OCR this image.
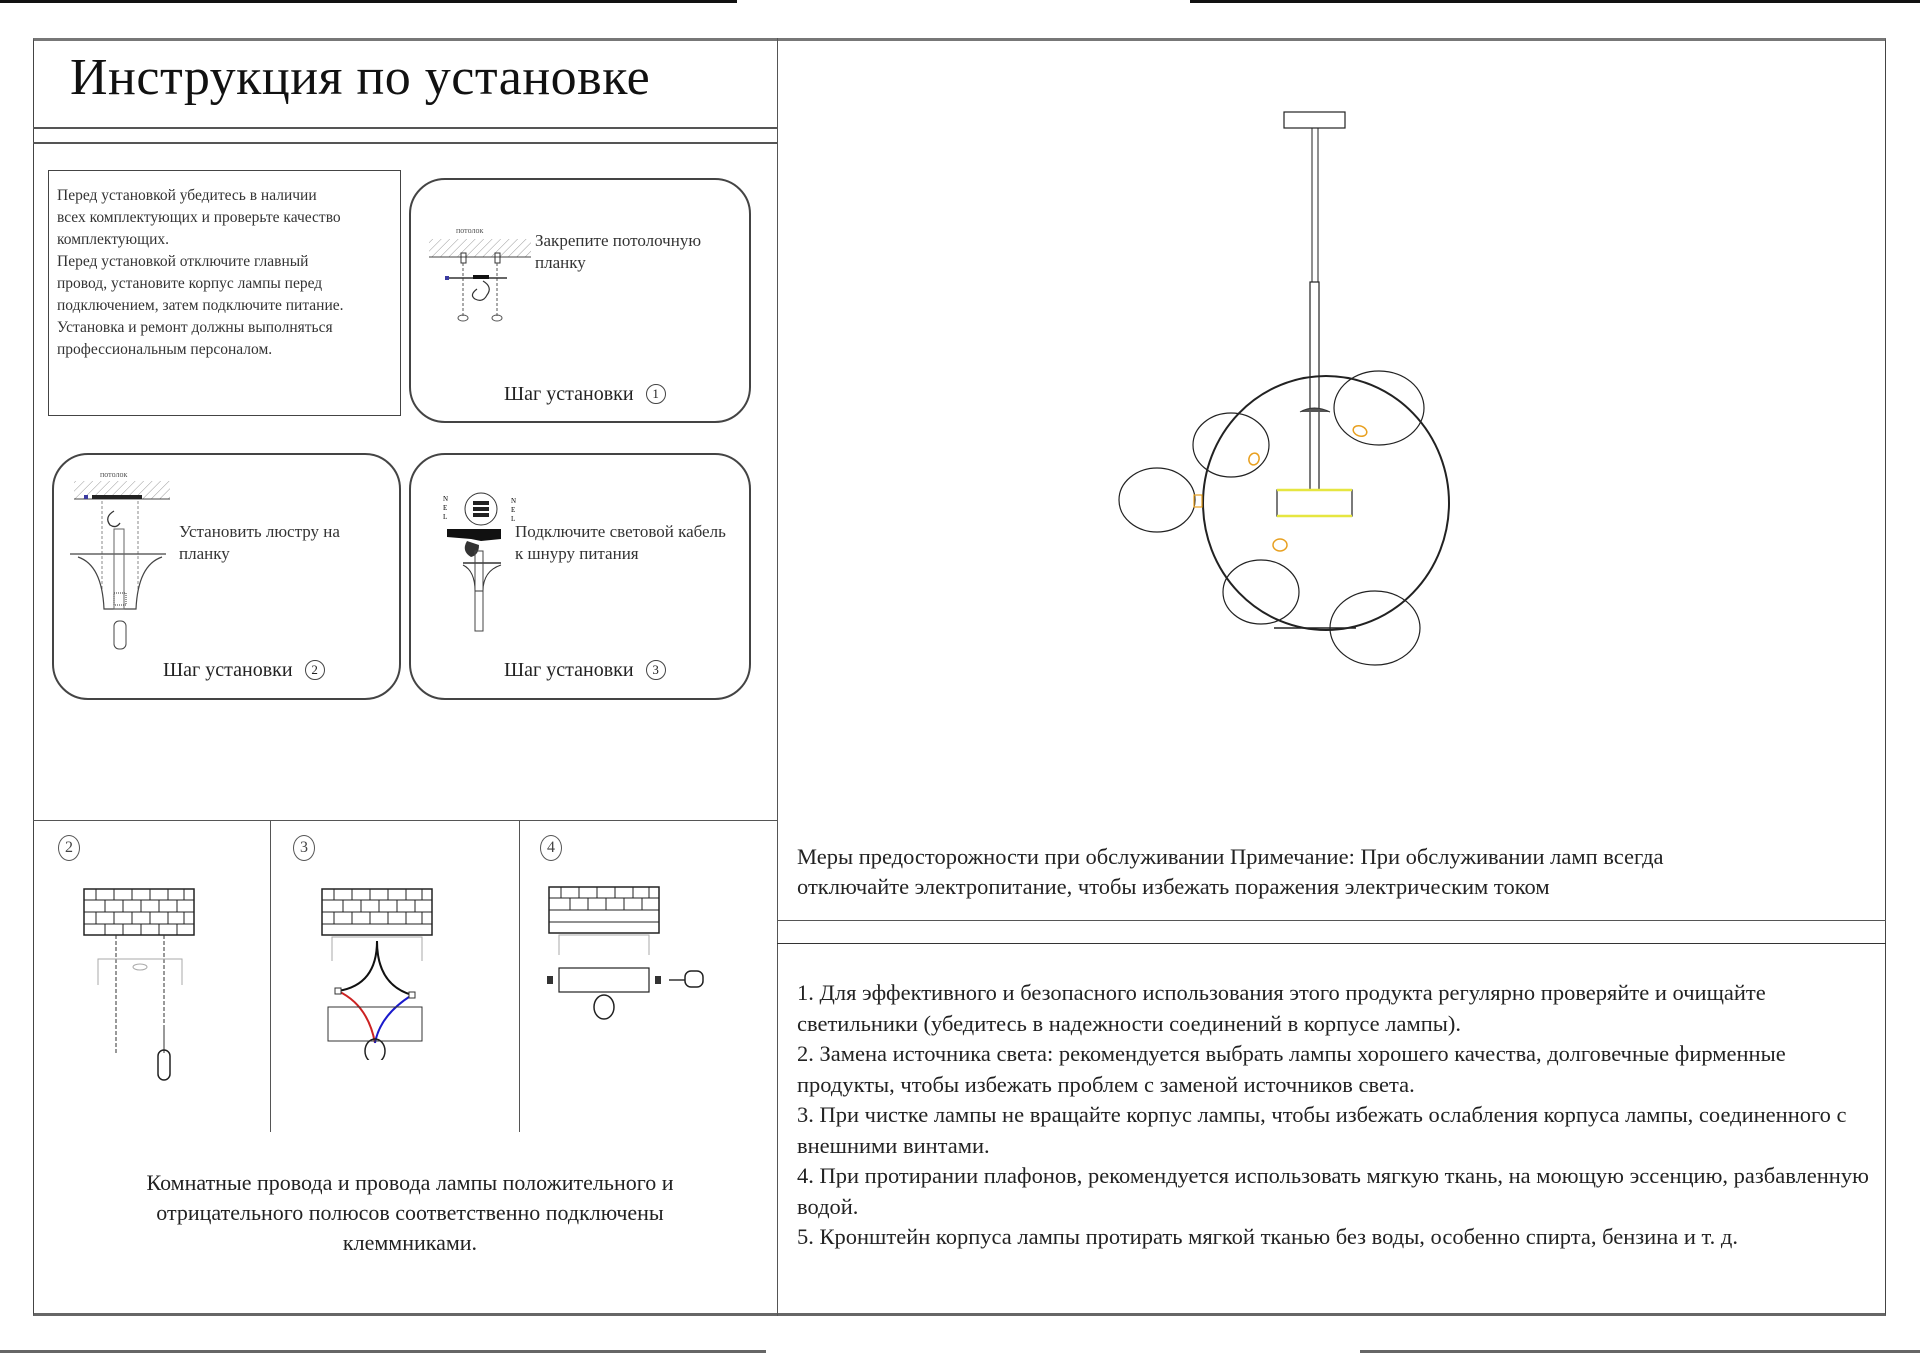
Инструкция по установке
Перед установкой убедитесь в наличии
всех комплектующих и проверьте качество
комплектующих.
Перед установкой отключите главный
провод, установите корпус лампы перед
подключением, затем подключите питание.
Установка и ремонт должны выполняться
профессиональным персоналом.
потолок
Закрепите потолочную
планку
Шаг установки 1
потолок
Установить люстру на
планку
Шаг установки 2
N
E
L
N
E
L
Подключите световой кабель
к шнуру питания
Шаг установки 3
2	3	4
Комнатные провода и провода лампы положительного и
отрицательного полюсов соответственно подключены
клеммниками.
Меры предосторожности при обслуживании Примечание: При обслуживании ламп всегда
отключайте электропитание, чтобы избежать поражения электрическим током

1. Для эффективного и безопасного использования этого продукта регулярно проверяйте и очищайте светильники (убедитесь в надежности соединений в корпусе лампы).

2. Замена источника света: рекомендуется выбрать лампы хорошего качества, долговечные фирменные продукты, чтобы избежать проблем с заменой источников света.

3. При чистке лампы не вращайте корпус лампы, чтобы избежать ослабления корпуса лампы, соединенного с внешними винтами.

4. При протирании плафонов, рекомендуется использовать мягкую ткань, на моющую эссенцию, разбавленную водой.

5. Кронштейн корпуса лампы протирать мягкой тканью без воды, особенно спирта, бензина и т. д.
